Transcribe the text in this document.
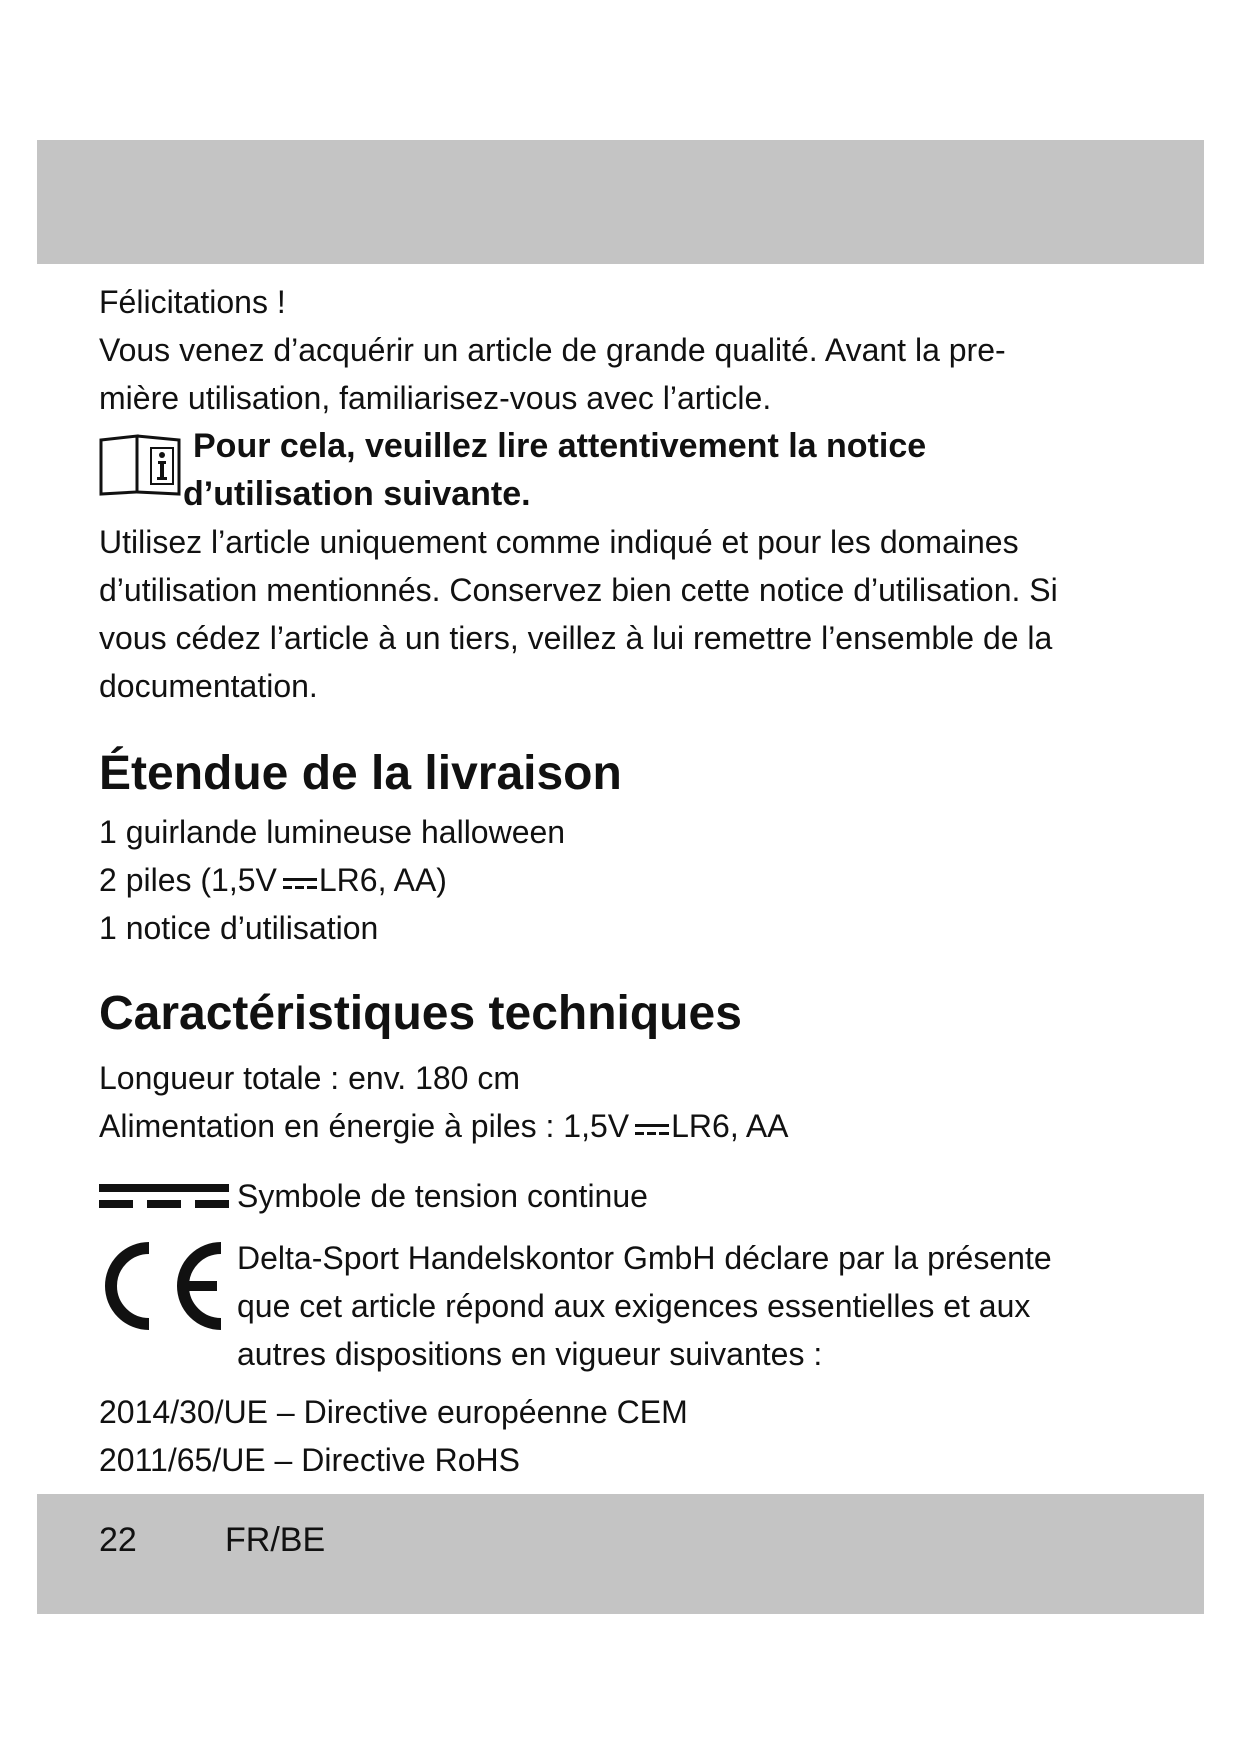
Félicitations !

Vous venez d’acquérir un article de grande qualité. Avant la pre-

mière utilisation, familiarisez-vous avec l’article.

Pour cela, veuillez lire attentivement la notice
d’utilisation suivante.

Utilisez l’article uniquement comme indiqué et pour les domaines

d’utilisation mentionnés. Conservez bien cette notice d’utilisation. Si

vous cédez l’article à un tiers, veillez à lui remettre l’ensemble de la

documentation.

Étendue de la livraison

1 guirlande lumineuse halloween

2 piles (1,5V LR6, AA)

1 notice d’utilisation

Caractéristiques techniques

Longueur totale : env. 180 cm

Alimentation en énergie à piles : 1,5V LR6, AA

Symbole de tension continue

Delta-Sport Handelskontor GmbH déclare par la présente

que cet article répond aux exigences essentielles et aux

autres dispositions en vigueur suivantes :

2014/30/UE – Directive européenne CEM

2011/65/UE – Directive RoHS

22	FR/BE
